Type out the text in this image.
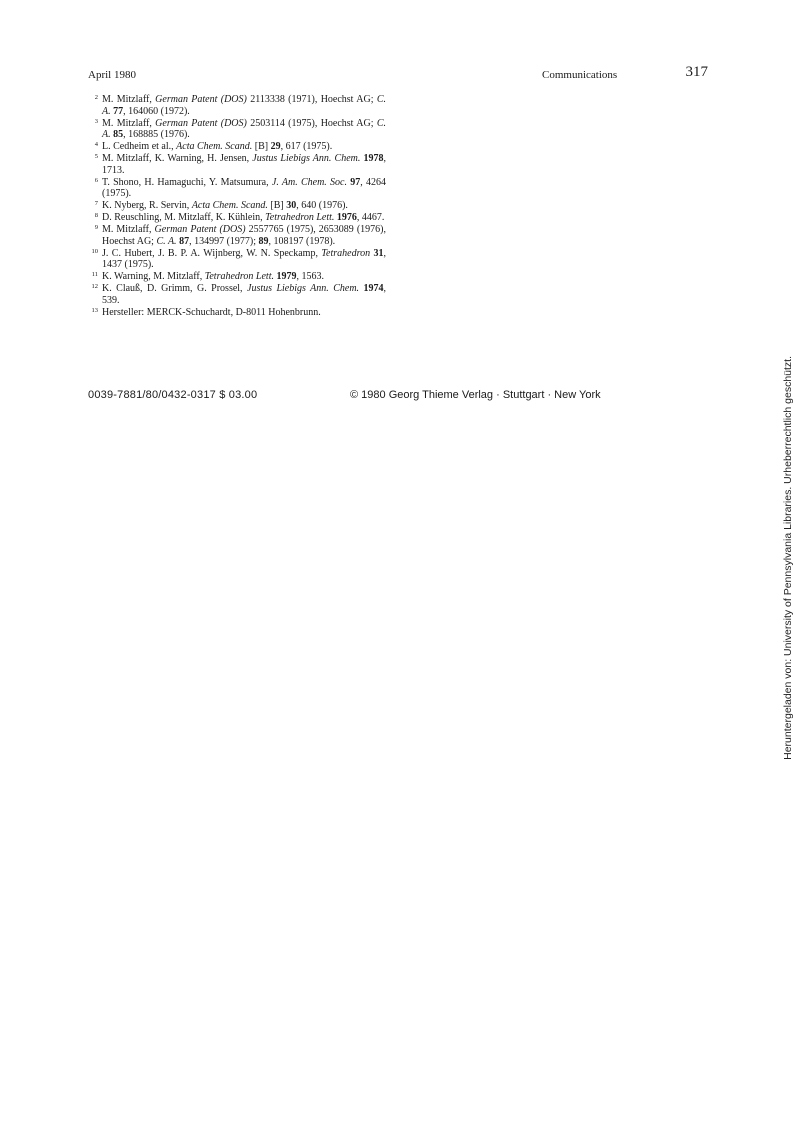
April 1980	Communications	317
2 M. Mitzlaff, German Patent (DOS) 2113338 (1971), Hoechst AG; C. A. 77, 164060 (1972).
3 M. Mitzlaff, German Patent (DOS) 2503114 (1975), Hoechst AG; C. A. 85, 168885 (1976).
4 L. Cedheim et al., Acta Chem. Scand. [B] 29, 617 (1975).
5 M. Mitzlaff, K. Warning, H. Jensen, Justus Liebigs Ann. Chem. 1978, 1713.
6 T. Shono, H. Hamaguchi, Y. Matsumura, J. Am. Chem. Soc. 97, 4264 (1975).
7 K. Nyberg, R. Servin, Acta Chem. Scand. [B] 30, 640 (1976).
8 D. Reuschling, M. Mitzlaff, K. Kühlein, Tetrahedron Lett. 1976, 4467.
9 M. Mitzlaff, German Patent (DOS) 2557765 (1975), 2653089 (1976), Hoechst AG; C. A. 87, 134997 (1977); 89, 108197 (1978).
10 J. C. Hubert, J. B. P. A. Wijnberg, W. N. Speckamp, Tetrahedron 31, 1437 (1975).
11 K. Warning, M. Mitzlaff, Tetrahedron Lett. 1979, 1563.
12 K. Clauß, D. Grimm, G. Prossel, Justus Liebigs Ann. Chem. 1974, 539.
13 Hersteller: MERCK-Schuchardt, D-8011 Hohenbrunn.
0039-7881/80/0432-0317 $ 03.00	© 1980 Georg Thieme Verlag · Stuttgart · New York	Heruntergeladen von: University of Pennsylvania Libraries. Urheberrechtlich geschützt.
